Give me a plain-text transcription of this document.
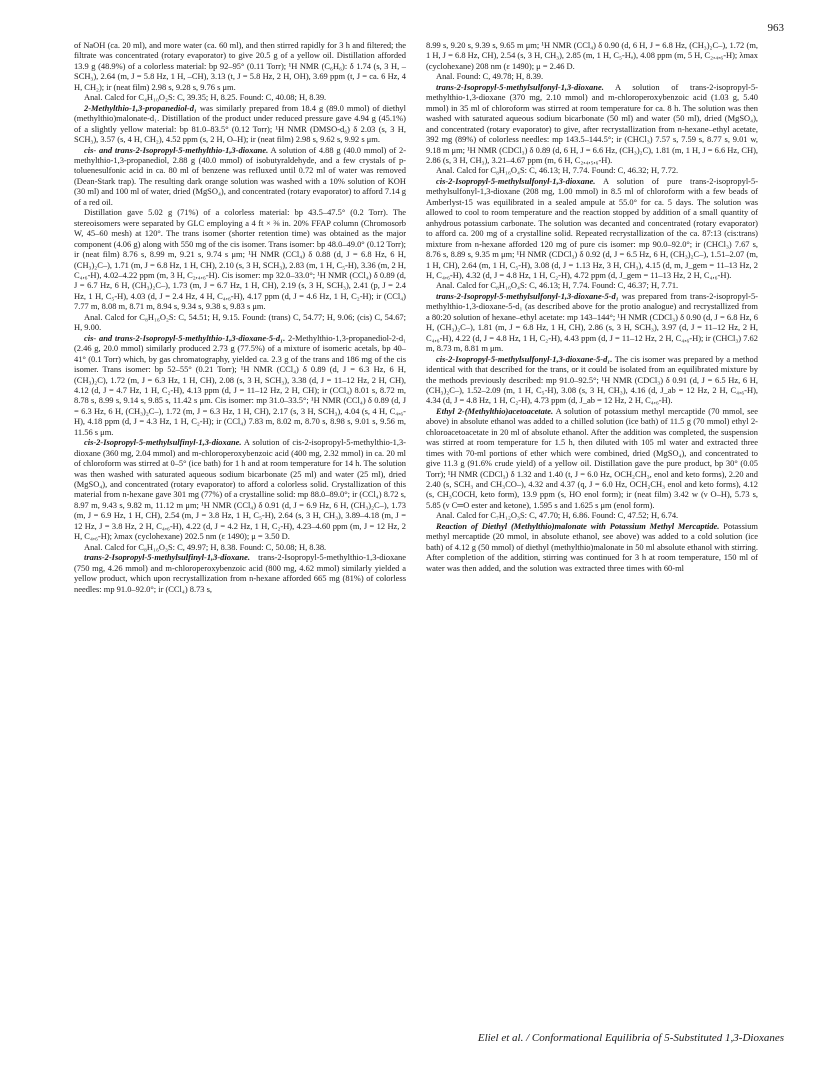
963

of NaOH (ca. 20 ml), and more water (ca. 60 ml), and then stirred rapidly for 3 h and filtered; the filtrate was concentrated (rotary evaporator) to give 20.5 g of a yellow oil. Distillation afforded 13.9 g (48.9%) of a colorless material: bp 92–95° (0.11 Torr); ¹H NMR (C₆H₆): δ 1.74 (s, 3 H, –SCH₃), 2.64 (m, J = 5.8 Hz, 1 H, –CH), 3.13 (t, J = 5.8 Hz, 2 H, OH), 3.69 ppm (t, J = ca. 6 Hz, 4 H, CH₂); ir (neat film) 2.98 s, 9.28 s, 9.76 s μm.

Anal. Calcd for C₄H₁₀O₂S: C, 39.35; H, 8.25. Found: C, 40.08; H, 8.39.

2-Methylthio-1,3-propanediol-d₁ was similarly prepared from 18.4 g (89.0 mmol) of diethyl (methylthio)malonate-d₁. Distillation of the product under reduced pressure gave 4.94 g (45.1%) of a slightly yellow material: bp 81.0–83.5° (0.12 Torr); ¹H NMR (DMSO-d₆) δ 2.03 (s, 3 H, SCH₃), 3.57 (s, 4 H, CH₂), 4.52 ppm (s, 2 H, O–H); ir (neat film) 2.98 s, 9.62 s, 9.92 s μm.

cis- and trans-2-Isopropyl-5-methylthio-1,3-dioxane. A solution of 4.88 g (40.0 mmol) of 2-methylthio-1,3-propanediol, 2.88 g (40.0 mmol) of isobutyraldehyde, and a few crystals of p-toluenesulfonic acid in ca. 80 ml of benzene was refluxed until 0.72 ml of water was removed (Dean-Stark trap). The resulting dark orange solution was washed with a 10% solution of KOH (30 ml) and 100 ml of water, dried (MgSO₄), and concentrated (rotary evaporator) to afford 7.14 g of a red oil.

Distillation gave 5.02 g (71%) of a colorless material: bp 43.5–47.5° (0.2 Torr). The stereoisomers were separated by GLC employing a 4 ft × ⅜ in. 20% FFAP column (Chromosorb W, 45–60 mesh) at 120°. The trans isomer (shorter retention time) was obtained as the major component (4.06 g) along with 550 mg of the cis isomer. Trans isomer: bp 48.0–49.0° (0.12 Torr); ir (neat film) 8.76 s, 8.99 m, 9.21 s, 9.74 s μm; ¹H NMR (CCl₄) δ 0.88 (d, J = 6.8 Hz, 6 H, (CH₃)₂C–), 1.71 (m, J = 6.8 Hz, 1 H, CH), 2.10 (s, 3 H, SCH₃), 2.83 (m, 1 H, C₅-H), 3.36 (m, 2 H, C₄,₆-H), 4.02–4.22 ppm (m, 3 H, C₂,₄,₆-H). Cis isomer: mp 32.0–33.0°; ¹H NMR (CCl₄) δ 0.89 (d, J = 6.7 Hz, 6 H, (CH₃)₂C–), 1.73 (m, J = 6.7 Hz, 1 H, CH), 2.19 (s, 3 H, SCH₃), 2.41 (p, J = 2.4 Hz, 1 H, C₅-H), 4.03 (d, J = 2.4 Hz, 4 H, C₄,₆-H), 4.17 ppm (d, J = 4.6 Hz, 1 H, C₂-H); ir (CCl₄) 7.77 m, 8.08 m, 8.71 m, 8.94 s, 9.34 s, 9.38 s, 9.83 s μm.

Anal. Calcd for C₈H₁₆O₂S: C, 54.51; H, 9.15. Found: (trans) C, 54.77; H, 9.06; (cis) C, 54.67; H, 9.00.

cis- and trans-2-Isopropyl-5-methylthio-1,3-dioxane-5-d₁. 2-Methylthio-1,3-propanediol-2-d₁ (2.46 g, 20.0 mmol) similarly produced 2.73 g (77.5%) of a mixture of isomeric acetals, bp 40–41° (0.1 Torr) which, by gas chromatography, yielded ca. 2.3 g of the trans and 186 mg of the cis isomer. Trans isomer: bp 52–55° (0.21 Torr); ¹H NMR (CCl₄) δ 0.89 (d, J = 6.3 Hz, 6 H, (CH₃)₂C), 1.72 (m, J = 6.3 Hz, 1 H, CH), 2.08 (s, 3 H, SCH₃), 3.38 (d, J = 11–12 Hz, 2 H, CH), 4.12 (d, J = 4.7 Hz, 1 H, C₂-H), 4.13 ppm (d, J = 11–12 Hz, 2 H, CH); ir (CCl₄) 8.01 s, 8.72 m, 8.78 s, 8.99 s, 9.14 s, 9.85 s, 11.42 s μm. Cis isomer: mp 31.0–33.5°; ¹H NMR (CCl₄) δ 0.89 (d, J = 6.3 Hz, 6 H, (CH₃)₂C–), 1.72 (m, J = 6.3 Hz, 1 H, CH), 2.17 (s, 3 H, SCH₃), 4.04 (s, 4 H, C₄,₆-H), 4.18 ppm (d, J = 4.3 Hz, 1 H, C₂-H); ir (CCl₄) 7.83 m, 8.02 m, 8.70 s, 8.98 s, 9.01 s, 9.56 m, 11.56 s μm.

cis-2-Isopropyl-5-methylsulfinyl-1,3-dioxane. A solution of cis-2-isopropyl-5-methylthio-1,3-dioxane (360 mg, 2.04 mmol) and m-chloroperoxybenzoic acid (400 mg, 2.32 mmol) in ca. 20 ml of chloroform was stirred at 0–5° (ice bath) for 1 h and at room temperature for 14 h. The solution was then washed with saturated aqueous sodium bicarbonate (25 ml) and water (25 ml), dried (MgSO₄), and concentrated (rotary evaporator) to afford a colorless solid. Crystallization of this material from n-hexane gave 301 mg (77%) of a crystalline solid: mp 88.0–89.0°; ir (CCl₄) 8.72 s, 8.97 m, 9.43 s, 9.82 m, 11.12 m μm; ¹H NMR (CCl₄) δ 0.91 (d, J = 6.9 Hz, 6 H, (CH₃)₂C–), 1.73 (m, J = 6.9 Hz, 1 H, CH), 2.54 (m, J = 3.8 Hz, 1 H, C₅-H), 2.64 (s, 3 H, CH₃), 3.89–4.18 (m, J = 12 Hz, J = 3.8 Hz, 2 H, C₄,₆-H), 4.22 (d, J = 4.2 Hz, 1 H, C₂-H), 4.23–4.60 ppm (m, J = 12 Hz, 2 H, C₄,₆-H); λmax (cyclohexane) 202.5 nm (ε 1490); μ = 3.50 D.

Anal. Calcd for C₈H₁₆O₃S: C, 49.97; H, 8.38. Found: C, 50.08; H, 8.38.

trans-2-Isopropyl-5-methylsulfinyl-1,3-dioxane. trans-2-Isopropyl-5-methylthio-1,3-dioxane (750 mg, 4.26 mmol) and m-chloroperoxybenzoic acid (800 mg, 4.62 mmol) similarly yielded a yellow product, which upon recrystallization from n-hexane afforded 665 mg (81%) of colorless needles: mp 91.0–92.0°; ir (CCl₄) 8.73 s,

8.99 s, 9.20 s, 9.39 s, 9.65 m μm; ¹H NMR (CCl₄) δ 0.90 (d, 6 H, J = 6.8 Hz, (CH₃)₂C–), 1.72 (m, 1 H, J = 6.8 Hz, CH), 2.54 (s, 3 H, CH₃), 2.85 (m, 1 H, C₅-Hₐ), 4.08 ppm (m, 5 H, C₂,₄,₆-H); λmax (cyclohexane) 208 nm (ε 1490); μ = 2.46 D.

Anal. Found: C, 49.78; H, 8.39.

trans-2-Isopropyl-5-methylsulfonyl-1,3-dioxane. A solution of trans-2-isopropyl-5-methylthio-1,3-dioxane (370 mg, 2.10 mmol) and m-chloroperoxybenzoic acid (1.03 g, 5.40 mmol) in 35 ml of chloroform was stirred at room temperature for ca. 8 h. The solution was then washed with saturated aqueous sodium bicarbonate (50 ml) and water (50 ml), dried (MgSO₄), and concentrated (rotary evaporator) to give, after recrystallization from n-hexane–ethyl acetate, 392 mg (89%) of colorless needles: mp 143.5–144.5°; ir (CHCl₃) 7.57 s, 7.59 s, 8.77 s, 9.01 w, 9.18 m μm; ¹H NMR (CDCl₃) δ 0.89 (d, 6 H, J = 6.6 Hz, (CH₃)₂C), 1.81 (m, 1 H, J = 6.6 Hz, CH), 2.86 (s, 3 H, CH₃), 3.21–4.67 ppm (m, 6 H, C₂,₄,₅,₆-H).

Anal. Calcd for C₈H₁₆O₄S: C, 46.13; H, 7.74. Found: C, 46.32; H, 7.72.

cis-2-Isopropyl-5-methylsulfonyl-1,3-dioxane. A solution of pure trans-2-isopropyl-5-methylsulfonyl-1,3-dioxane (208 mg, 1.00 mmol) in 8.5 ml of chloroform with a few beads of Amberlyst-15 was equilibrated in a sealed ampule at 55.0° for ca. 5 days. The solution was allowed to cool to room temperature and the reaction stopped by addition of a small quantity of anhydrous potassium carbonate. The solution was decanted and concentrated (rotary evaporator) to afford ca. 200 mg of a crystalline solid. Repeated recrystallization of the ca. 87:13 (cis:trans) mixture from n-hexane afforded 120 mg of pure cis isomer: mp 90.0–92.0°; ir (CHCl₃) 7.67 s, 8.76 s, 8.89 s, 9.35 m μm; ¹H NMR (CDCl₃) δ 0.92 (d, J = 6.5 Hz, 6 H, (CH₃)₂C–), 1.51–2.07 (m, 1 H, CH), 2.64 (m, 1 H, C₅-H), 3.08 (d, J = 1.13 Hz, 3 H, CH₃), 4.15 (d, m, J_gem = 11–13 Hz, 2 H, C₄,₆-H), 4.32 (d, J = 4.8 Hz, 1 H, C₂-H), 4.72 ppm (d, J_gem = 11–13 Hz, 2 H, C₄,₆-H).

Anal. Calcd for C₈H₁₆O₄S: C, 46.13; H, 7.74. Found: C, 46.37; H, 7.71.

trans-2-Isopropyl-5-methylsulfonyl-1,3-dioxane-5-d₁ was prepared from trans-2-isopropyl-5-methylthio-1,3-dioxane-5-d₁ (as described above for the protio analogue) and recrystallized from a 80:20 solution of hexane–ethyl acetate: mp 143–144°; ¹H NMR (CDCl₃) δ 0.90 (d, J = 6.8 Hz, 6 H, (CH₃)₂C–), 1.81 (m, J = 6.8 Hz, 1 H, CH), 2.86 (s, 3 H, SCH₃), 3.97 (d, J = 11–12 Hz, 2 H, C₄,₆-H), 4.22 (d, J = 4.8 Hz, 1 H, C₂-H), 4.43 ppm (d, J = 11–12 Hz, 2 H, C₄,₆-H); ir (CHCl₃) 7.62 m, 8.73 m, 8.81 m μm.

cis-2-Isopropyl-5-methylsulfonyl-1,3-dioxane-5-d₁. The cis isomer was prepared by a method identical with that described for the trans, or it could be isolated from an equilibrated mixture by the methods previously described: mp 91.0–92.5°; ¹H NMR (CDCl₃) δ 0.91 (d, J = 6.5 Hz, 6 H, (CH₃)₂C–), 1.52–2.09 (m, 1 H, C₅-H), 3.08 (s, 3 H, CH₃), 4.16 (d, J_ab = 12 Hz, 2 H, C₄,₆-H), 4.34 (d, J = 4.8 Hz, 1 H, C₂-H), 4.73 ppm (d, J_ab = 12 Hz, 2 H, C₄,₆-H).

Ethyl 2-(Methylthio)acetoacetate. A solution of potassium methyl mercaptide (70 mmol, see above) in absolute ethanol was added to a chilled solution (ice bath) of 11.5 g (70 mmol) ethyl 2-chloroacetoacetate in 20 ml of absolute ethanol. After the addition was completed, the suspension was stirred at room temperature for 1.5 h, then diluted with 105 ml water and extracted three times with 70-ml portions of ether which were combined, dried (MgSO₄), and concentrated to give 11.3 g (91.6% crude yield) of a yellow oil. Distillation gave the pure product, bp 30° (0.05 Torr); ¹H NMR (CDCl₃) δ 1.32 and 1.40 (t, J = 6.0 Hz, OCH₂CH₃, enol and keto forms), 2.20 and 2.40 (s, SCH₃ and CH₃CO–), 4.32 and 4.37 (q, J = 6.0 Hz, OCH₂CH₃ enol and keto forms), 4.12 (s, CH₃COCH, keto form), 13.9 ppm (s, HO enol form); ir (neat film) 3.42 w (ν O–H), 5.73 s, 5.85 (ν C═O ester and ketone), 1.595 s and 1.625 s μm (enol form).

Anal. Calcd for C₇H₁₂O₃S: C, 47.70; H, 6.86. Found: C, 47.52; H, 6.74.

Reaction of Diethyl (Methylthio)malonate with Potassium Methyl Mercaptide. Potassium methyl mercaptide (20 mmol, in absolute ethanol, see above) was added to a cold solution (ice bath) of 4.12 g (50 mmol) of diethyl (methylthio)malonate in 50 ml absolute ethanol with stirring. After completion of the addition, stirring was continued for 3 h at room temperature, 150 ml of water was then added, and the solution was extracted three times with 60-ml

Eliel et al. / Conformational Equilibria of 5-Substituted 1,3-Dioxanes
